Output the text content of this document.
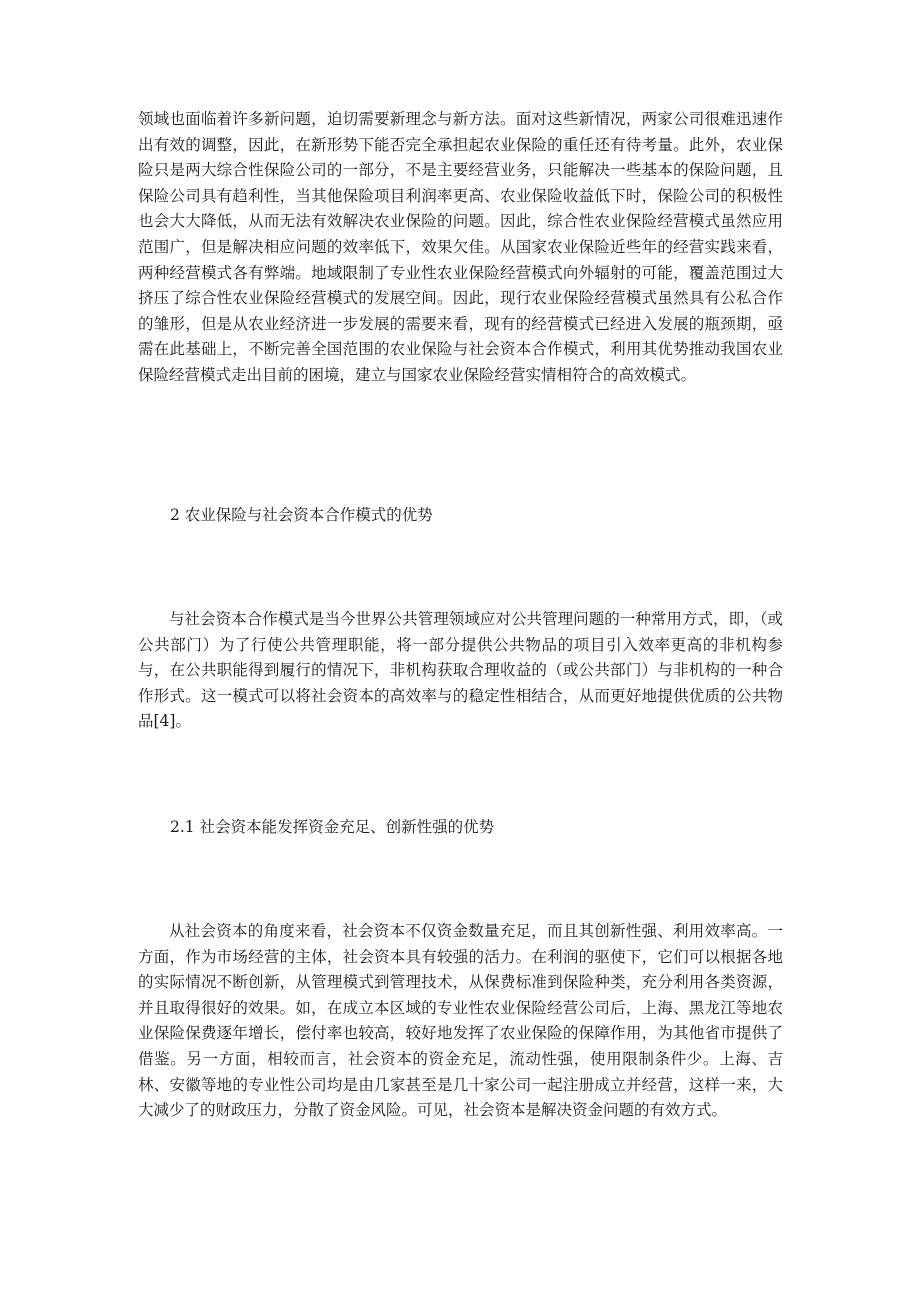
领域也面临着许多新问题，迫切需要新理念与新方法。面对这些新情况，两家公司很难迅速作出有效的调整，因此，在新形势下能否完全承担起农业保险的重任还有待考量。此外，农业保险只是两大综合性保险公司的一部分，不是主要经营业务，只能解决一些基本的保险问题，且保险公司具有趋利性，当其他保险项目利润率更高、农业保险收益低下时，保险公司的积极性也会大大降低，从而无法有效解决农业保险的问题。因此，综合性农业保险经营模式虽然应用范围广，但是解决相应问题的效率低下，效果欠佳。从国家农业保险近些年的经营实践来看，两种经营模式各有弊端。地域限制了专业性农业保险经营模式向外辐射的可能，覆盖范围过大挤压了综合性农业保险经营模式的发展空间。因此，现行农业保险经营模式虽然具有公私合作的雏形，但是从农业经济进一步发展的需要来看，现有的经营模式已经进入发展的瓶颈期，亟需在此基础上，不断完善全国范围的农业保险与社会资本合作模式，利用其优势推动我国农业保险经营模式走出目前的困境，建立与国家农业保险经营实情相符合的高效模式。

2 农业保险与社会资本合作模式的优势

与社会资本合作模式是当今世界公共管理领域应对公共管理问题的一种常用方式，即，（或公共部门）为了行使公共管理职能，将一部分提供公共物品的项目引入效率更高的非机构参与，在公共职能得到履行的情况下，非机构获取合理收益的（或公共部门）与非机构的一种合作形式。这一模式可以将社会资本的高效率与的稳定性相结合，从而更好地提供优质的公共物品[4]。

2.1 社会资本能发挥资金充足、创新性强的优势

从社会资本的角度来看，社会资本不仅资金数量充足，而且其创新性强、利用效率高。一方面，作为市场经营的主体，社会资本具有较强的活力。在利润的驱使下，它们可以根据各地的实际情况不断创新，从管理模式到管理技术，从保费标准到保险种类，充分利用各类资源，并且取得很好的效果。如，在成立本区域的专业性农业保险经营公司后，上海、黑龙江等地农业保险保费逐年增长，偿付率也较高，较好地发挥了农业保险的保障作用，为其他省市提供了借鉴。另一方面，相较而言，社会资本的资金充足，流动性强，使用限制条件少。上海、吉林、安徽等地的专业性公司均是由几家甚至是几十家公司一起注册成立并经营，这样一来，大大减少了的财政压力，分散了资金风险。可见，社会资本是解决资金问题的有效方式。
